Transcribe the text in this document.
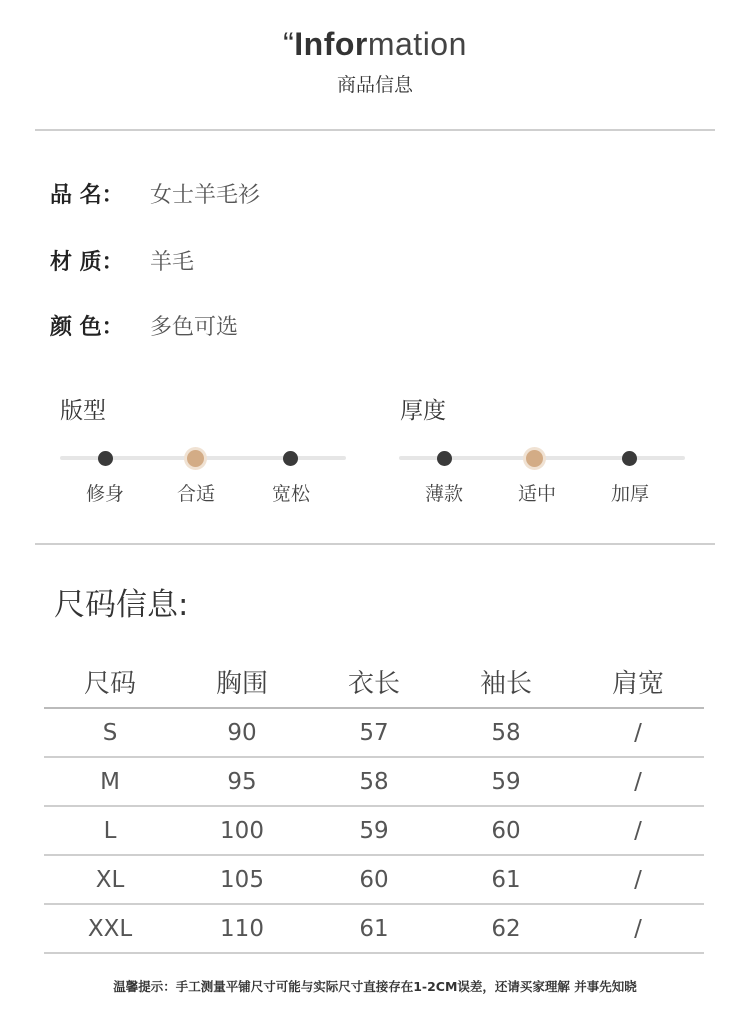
“Information
商品信息
品 名： 女士羊毛衫
材 质： 羊毛
颜 色：多色可选
版型
修身	合适	宽松
厚度
薄款	适中	加厚
尺码信息:
尺码	胸围	衣长	袖长	肩宽
S	90	57	58	/
M	95	58	59	/
L	100	59	60	/
XL	105	60	61	/
XXL	110	61	62	/
温馨提示：手工测量平铺尺寸可能与实际尺寸直接存在1-2CM误差，还请买家理解 并事先知晓
